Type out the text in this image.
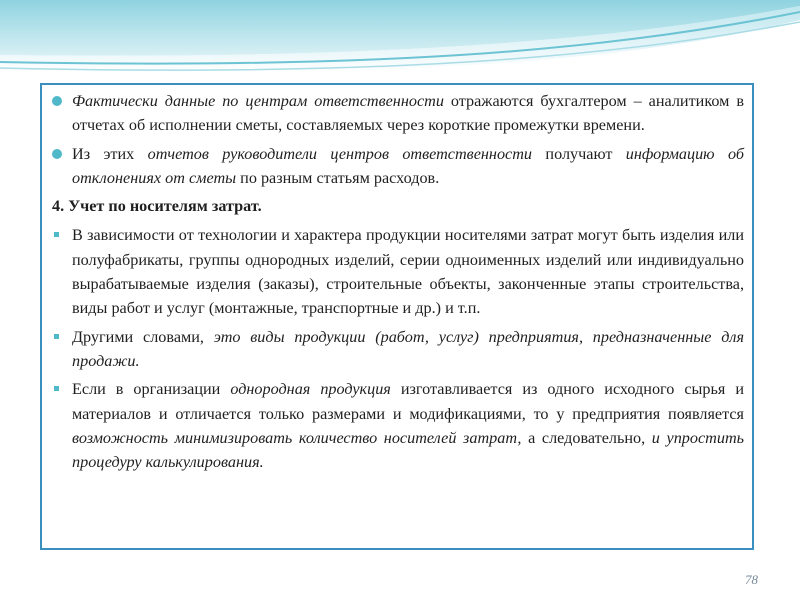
Фактически данные по центрам ответственности отражаются бухгалтером – аналитиком в отчетах об исполнении сметы, составляемых через короткие промежутки времени.
Из этих отчетов руководители центров ответственности получают информацию об отклонениях от сметы по разным статьям расходов.
4. Учет по носителям затрат.
В зависимости от технологии и характера продукции носителями затрат могут быть изделия или полуфабрикаты, группы однородных изделий, серии одноименных изделий или индивидуально вырабатываемые изделия (заказы), строительные объекты, законченные этапы строительства, виды работ и услуг (монтажные, транспортные и др.) и т.п.
Другими словами, это виды продукции (работ, услуг) предприятия, предназначенные для продажи.
Если в организации однородная продукция изготавливается из одного исходного сырья и материалов и отличается только размерами и модификациями, то у предприятия появляется возможность минимизировать количество носителей затрат, а следовательно, и упростить процедуру калькулирования.
78
